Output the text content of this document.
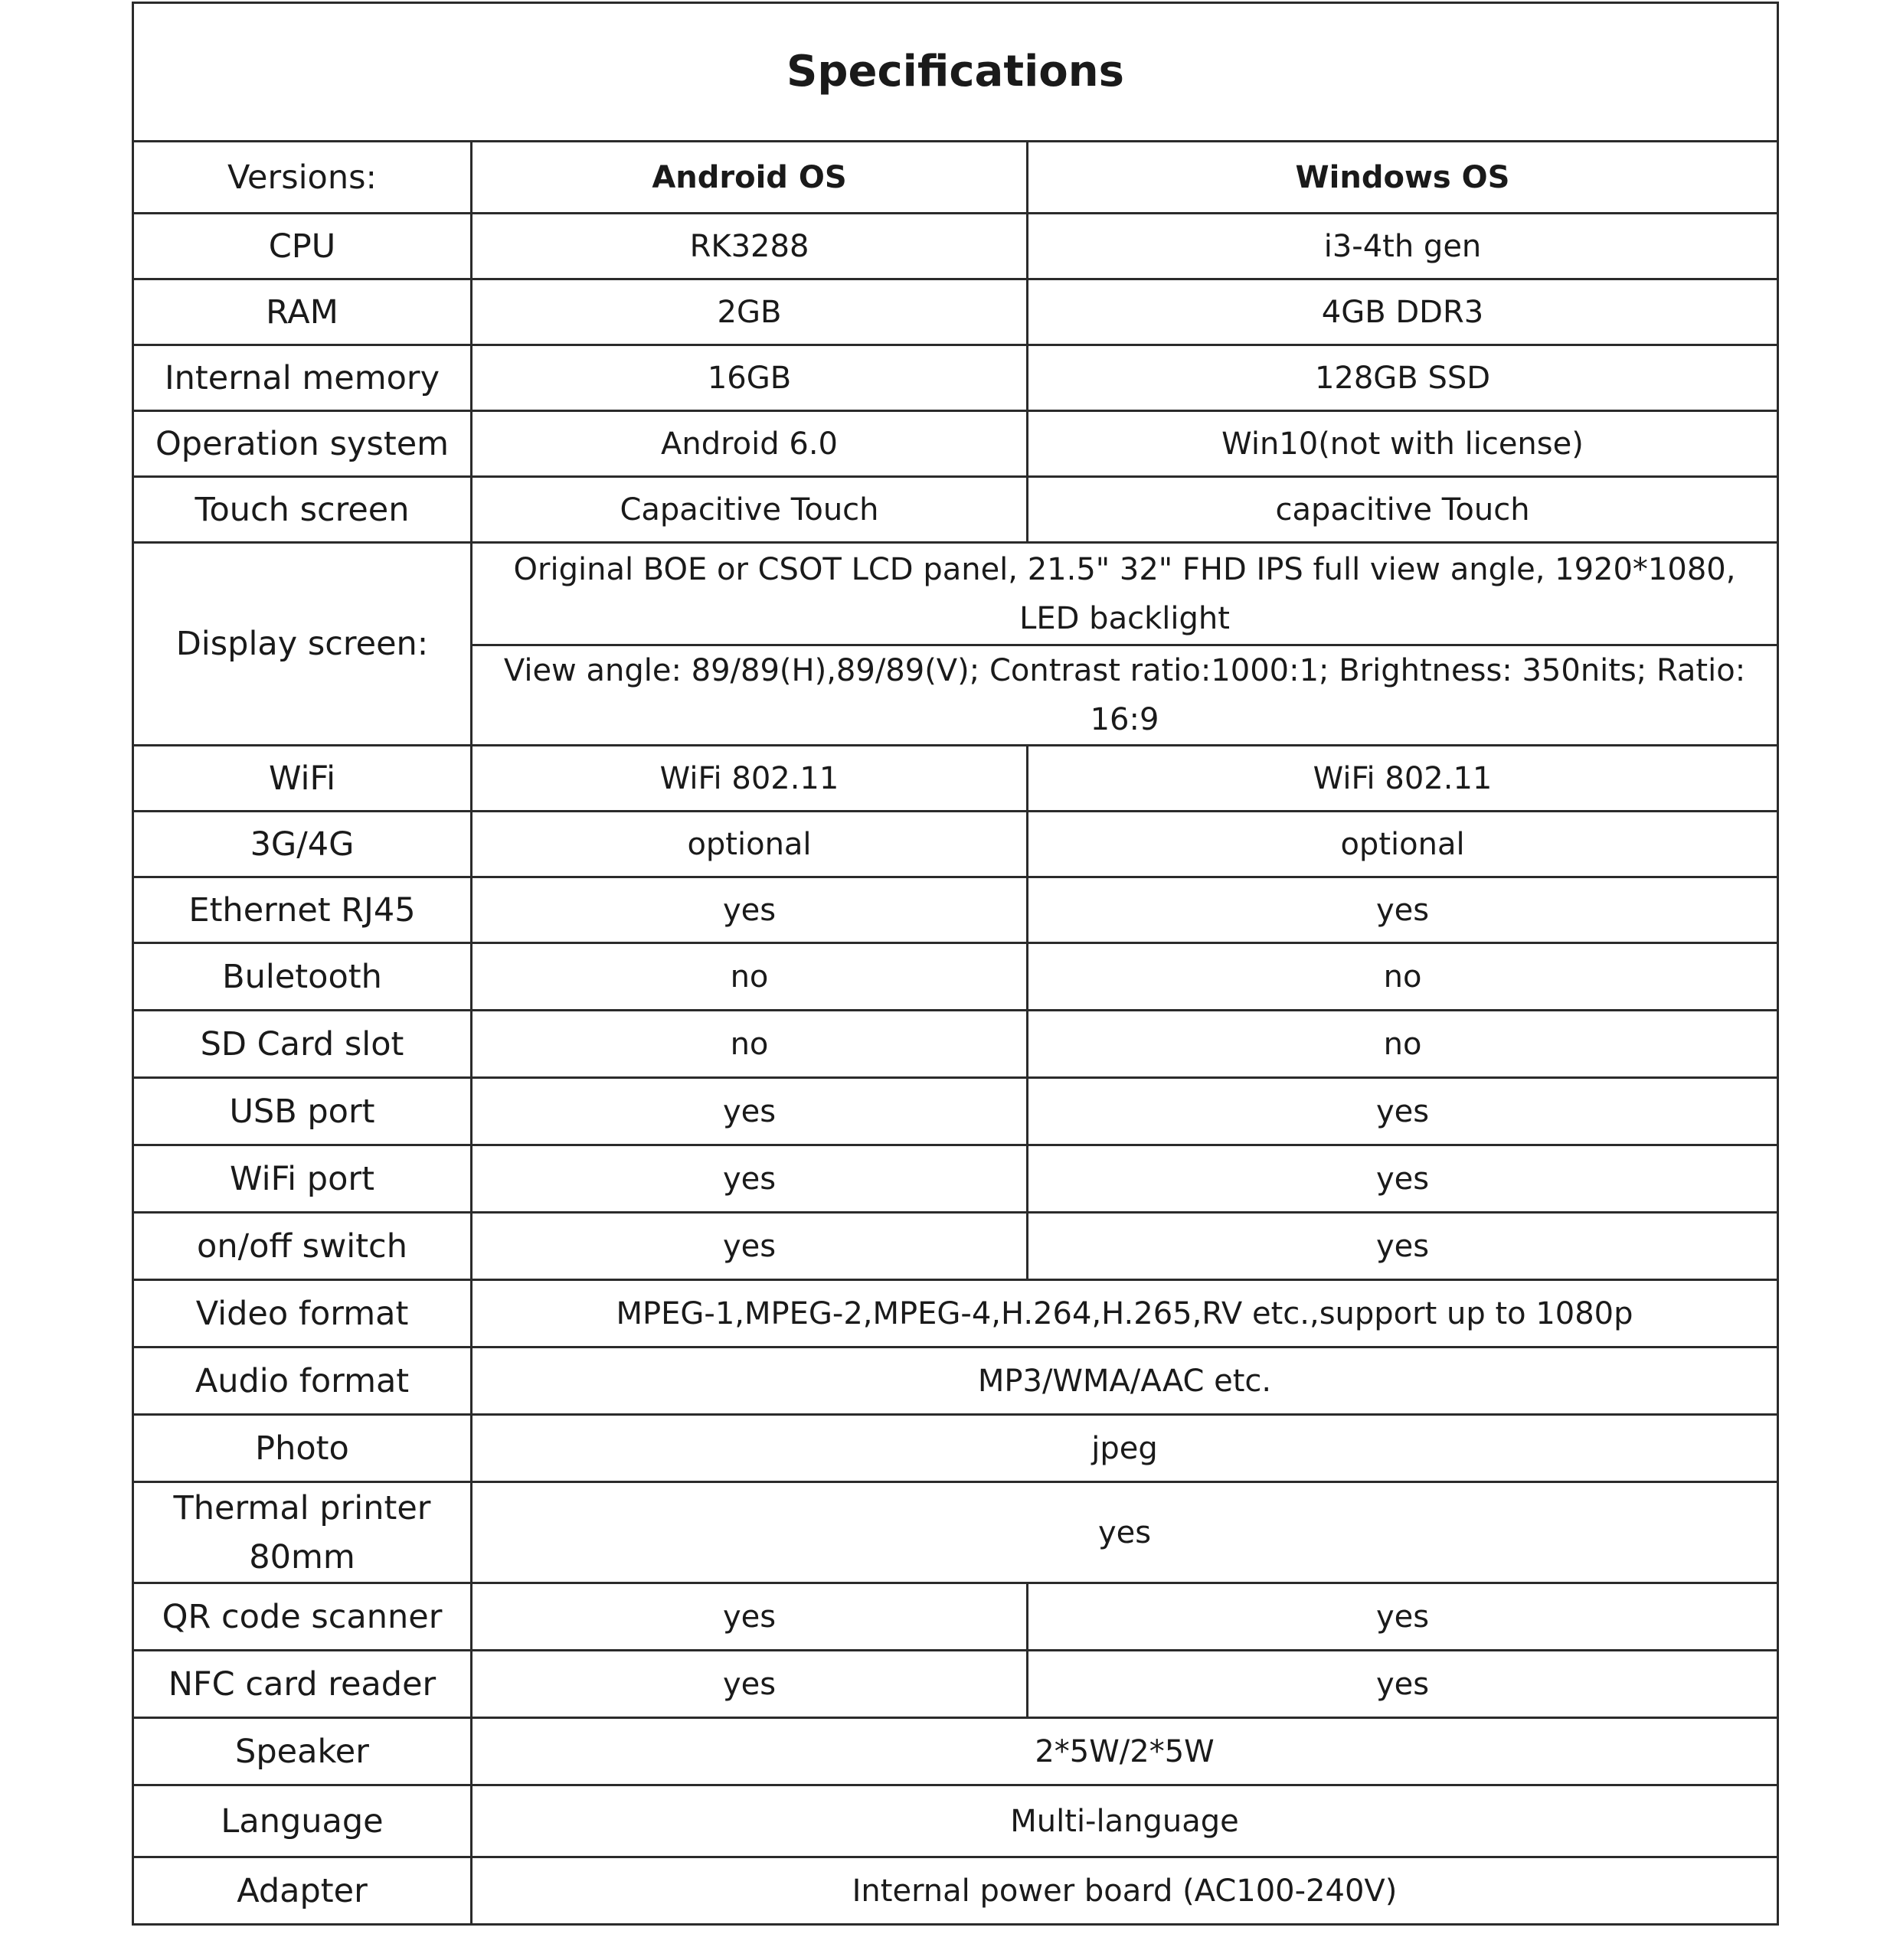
Specifications		
Versions:	Android OS	Windows OS
CPU	RK3288	i3-4th gen
RAM	2GB	4GB DDR3
Internal memory	16GB	128GB SSD
Operation system	Android 6.0	Win10(not with license)
Touch screen	Capacitive Touch	capacitive Touch
Display screen:	Original BOE or CSOT LCD panel, 21.5" 32" FHD IPS full view angle, 1920*1080, LED backlight	
	View angle: 89/89(H),89/89(V); Contrast ratio:1000:1; Brightness: 350nits; Ratio: 16:9	
WiFi	WiFi 802.11	WiFi 802.11
3G/4G	optional	optional
Ethernet RJ45	yes	yes
Buletooth	no	no
SD Card slot	no	no
USB port	yes	yes
WiFi port	yes	yes
on/off switch	yes	yes
Video format	MPEG-1,MPEG-2,MPEG-4,H.264,H.265,RV etc.,support up to 1080p	
Audio format	MP3/WMA/AAC etc.	
Photo	jpeg	
Thermal printer 80mm	yes	
QR code scanner	yes	yes
NFC card reader	yes	yes
Speaker	2*5W/2*5W	
Language	Multi-language	
Adapter	Internal power board (AC100-240V)	
